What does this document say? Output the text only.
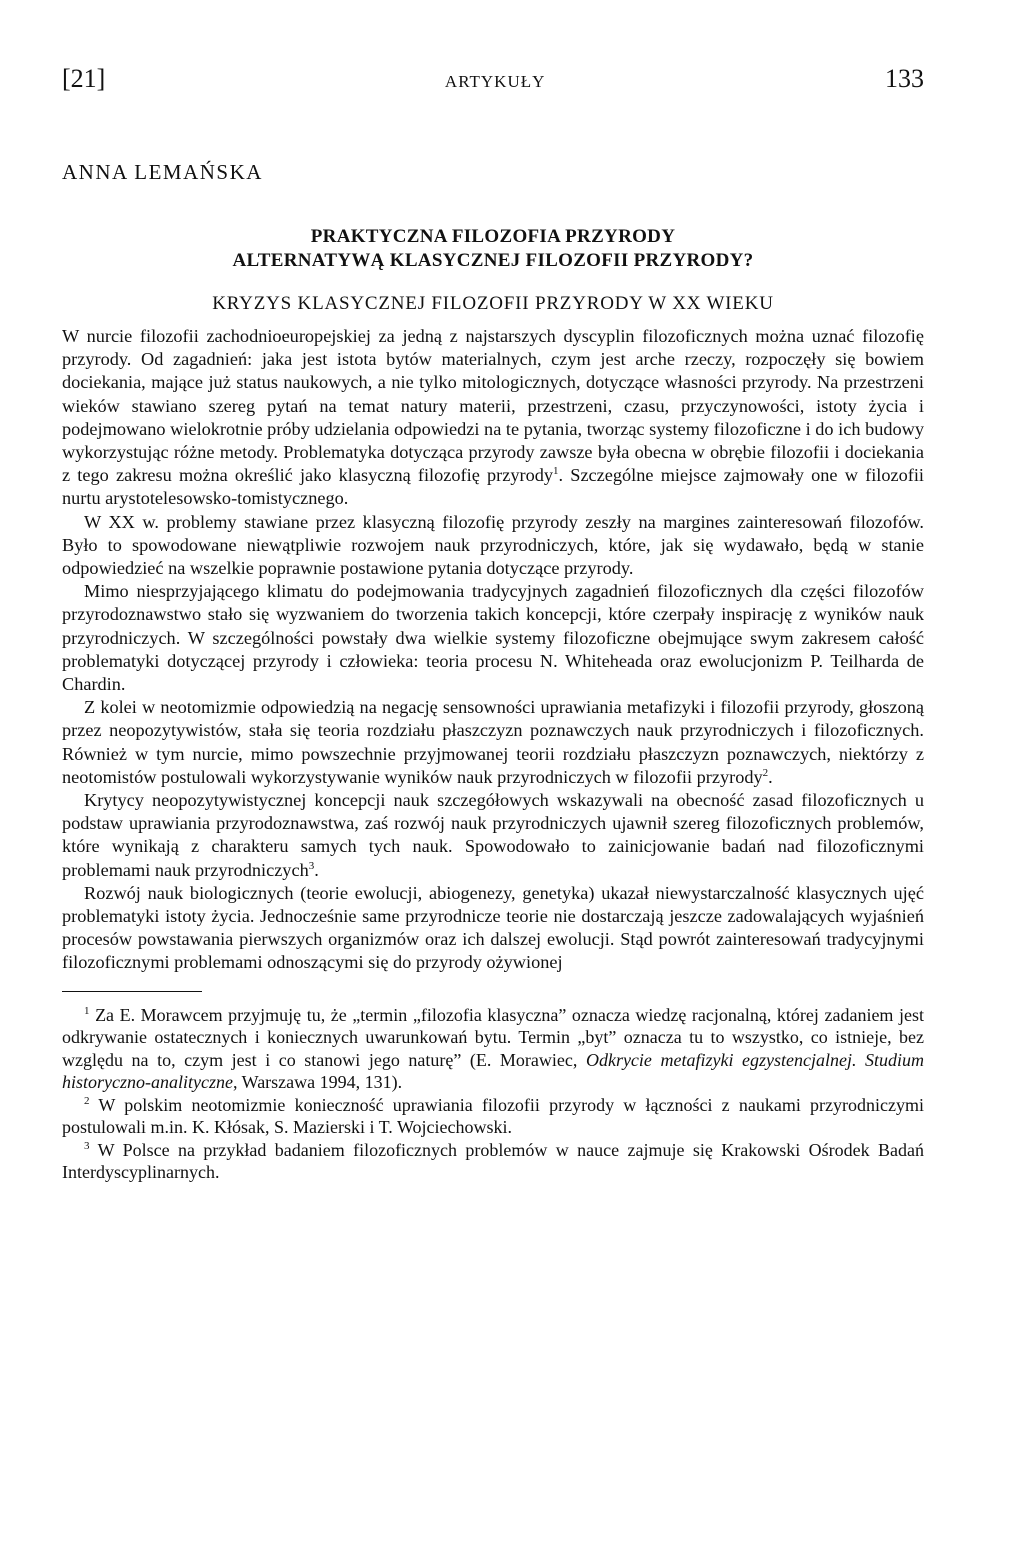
[21]	ARTYKUŁY	133
ANNA LEMAŃSKA
PRAKTYCZNA FILOZOFIA PRZYRODY
ALTERNATYWĄ KLASYCZNEJ FILOZOFII PRZYRODY?
KRYZYS KLASYCZNEJ FILOZOFII PRZYRODY W XX WIEKU

W nurcie filozofii zachodnioeuropejskiej za jedną z najstarszych dyscyplin filozoficznych można uznać filozofię przyrody. Od zagadnień: jaka jest istota bytów materialnych, czym jest arche rzeczy, rozpoczęły się bowiem dociekania, mające już status naukowych, a nie tylko mitologicznych, dotyczące własności przyrody. Na przestrzeni wieków stawiano szereg pytań na temat natury materii, przestrzeni, czasu, przyczynowości, istoty życia i podejmowano wielokrotnie próby udzielania odpowiedzi na te pytania, tworząc systemy filozoficzne i do ich budowy wykorzystując różne metody. Problematyka dotycząca przyrody zawsze była obecna w obrębie filozofii i dociekania z tego zakresu można określić jako klasyczną filozofię przyrody$^1$. Szczególne miejsce zajmowały one w filozofii nurtu arystotelesowsko-tomistycznego.

W XX w. problemy stawiane przez klasyczną filozofię przyrody zeszły na margines zainteresowań filozofów. Było to spowodowane niewątpliwie rozwojem nauk przyrodniczych, które, jak się wydawało, będą w stanie odpowiedzieć na wszelkie poprawnie postawione pytania dotyczące przyrody.

Mimo niesprzyjającego klimatu do podejmowania tradycyjnych zagadnień filozoficznych dla części filozofów przyrodoznawstwo stało się wyzwaniem do tworzenia takich koncepcji, które czerpały inspirację z wyników nauk przyrodniczych. W szczególności powstały dwa wielkie systemy filozoficzne obejmujące swym zakresem całość problematyki dotyczącej przyrody i człowieka: teoria procesu N. Whiteheada oraz ewolucjonizm P. Teilharda de Chardin.

Z kolei w neotomizmie odpowiedzią na negację sensowności uprawiania metafizyki i filozofii przyrody, głoszoną przez neopozytywistów, stała się teoria rozdziału płaszczyzn poznawczych nauk przyrodniczych i filozoficznych. Również w tym nurcie, mimo powszechnie przyjmowanej teorii rozdziału płaszczyzn poznawczych, niektórzy z neotomistów postulowali wykorzystywanie wyników nauk przyrodniczych w filozofii przyrody$^2$.

Krytycy neopozytywistycznej koncepcji nauk szczegółowych wskazywali na obecność zasad filozoficznych u podstaw uprawiania przyrodoznawstwa, zaś rozwój nauk przyrodniczych ujawnił szereg filozoficznych problemów, które wynikają z charakteru samych tych nauk. Spowodowało to zainicjowanie badań nad filozoficznymi problemami nauk przyrodniczych$^3$.

Rozwój nauk biologicznych (teorie ewolucji, abiogenezy, genetyka) ukazał niewystarczalność klasycznych ujęć problematyki istoty życia. Jednocześnie same przyrodnicze teorie nie dostarczają jeszcze zadowalających wyjaśnień procesów powstawania pierwszych organizmów oraz ich dalszej ewolucji. Stąd powrót zainteresowań tradycyjnymi filozoficznymi problemami odnoszącymi się do przyrody ożywionej

$^1$ Za E. Morawcem przyjmuję tu, że „termin „filozofia klasyczna” oznacza wiedzę racjonalną, której zadaniem jest odkrywanie ostatecznych i koniecznych uwarunkowań bytu. Termin „byt” oznacza tu to wszystko, co istnieje, bez względu na to, czym jest i co stanowi jego naturę” (E. Morawiec, Odkrycie metafizyki egzystencjalnej. Studium historyczno-analityczne, Warszawa 1994, 131).

$^2$ W polskim neotomizmie konieczność uprawiania filozofii przyrody w łączności z naukami przyrodniczymi postulowali m.in. K. Kłósak, S. Mazierski i T. Wojciechowski.

$^3$ W Polsce na przykład badaniem filozoficznych problemów w nauce zajmuje się Krakowski Ośrodek Badań Interdyscyplinarnych.
